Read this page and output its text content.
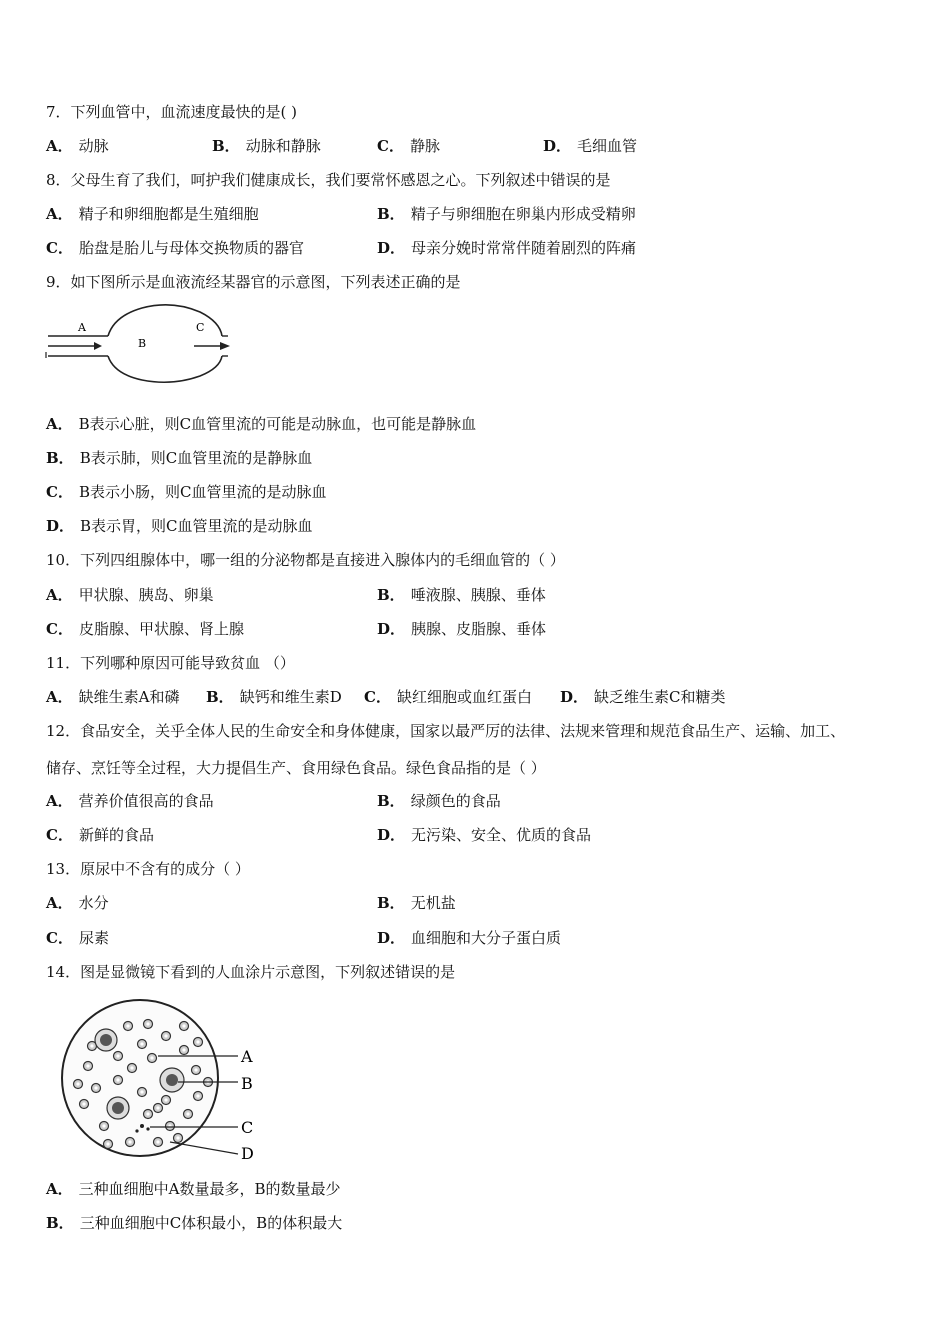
7．下列血管中，血流速度最快的是( )
A． 动脉	B． 动脉和静脉	C． 静脉	D． 毛细血管
8．父母生育了我们，呵护我们健康成长，我们要常怀感恩之心。下列叙述中错误的是
A． 精子和卵细胞都是生殖细胞	B． 精子与卵细胞在卵巢内形成受精卵
C． 胎盘是胎儿与母体交换物质的器官	D． 母亲分娩时常常伴随着剧烈的阵痛
9．如下图所示是血液流经某器官的示意图，下列表述正确的是
A
B
C
A． B表示心脏，则C血管里流的可能是动脉血，也可能是静脉血
B． B表示肺，则C血管里流的是静脉血
C． B表示小肠，则C血管里流的是动脉血
D． B表示胃，则C血管里流的是动脉血
10．下列四组腺体中，哪一组的分泌物都是直接进入腺体内的毛细血管的（ ）
A． 甲状腺、胰岛、卵巢	B． 唾液腺、胰腺、垂体
C． 皮脂腺、甲状腺、肾上腺	D． 胰腺、皮脂腺、垂体
11．下列哪种原因可能导致贫血 （）
A． 缺维生素A和磷 B． 缺钙和维生素D C． 缺红细胞或血红蛋白 D． 缺乏维生素C和糖类
12．食品安全，关乎全体人民的生命安全和身体健康，国家以最严厉的法律、法规来管理和规范食品生产、运输、加工、
储存、烹饪等全过程，大力提倡生产、食用绿色食品。绿色食品指的是（ ）
A． 营养价值很高的食品	B． 绿颜色的食品
C． 新鲜的食品	D． 无污染、安全、优质的食品
13．原尿中不含有的成分（ ）
A． 水分	B． 无机盐
C． 尿素	D． 血细胞和大分子蛋白质
14．图是显微镜下看到的人血涂片示意图，下列叙述错误的是
A
B
C
D
A． 三种血细胞中A数量最多，B的数量最少
B． 三种血细胞中C体积最小，B的体积最大
